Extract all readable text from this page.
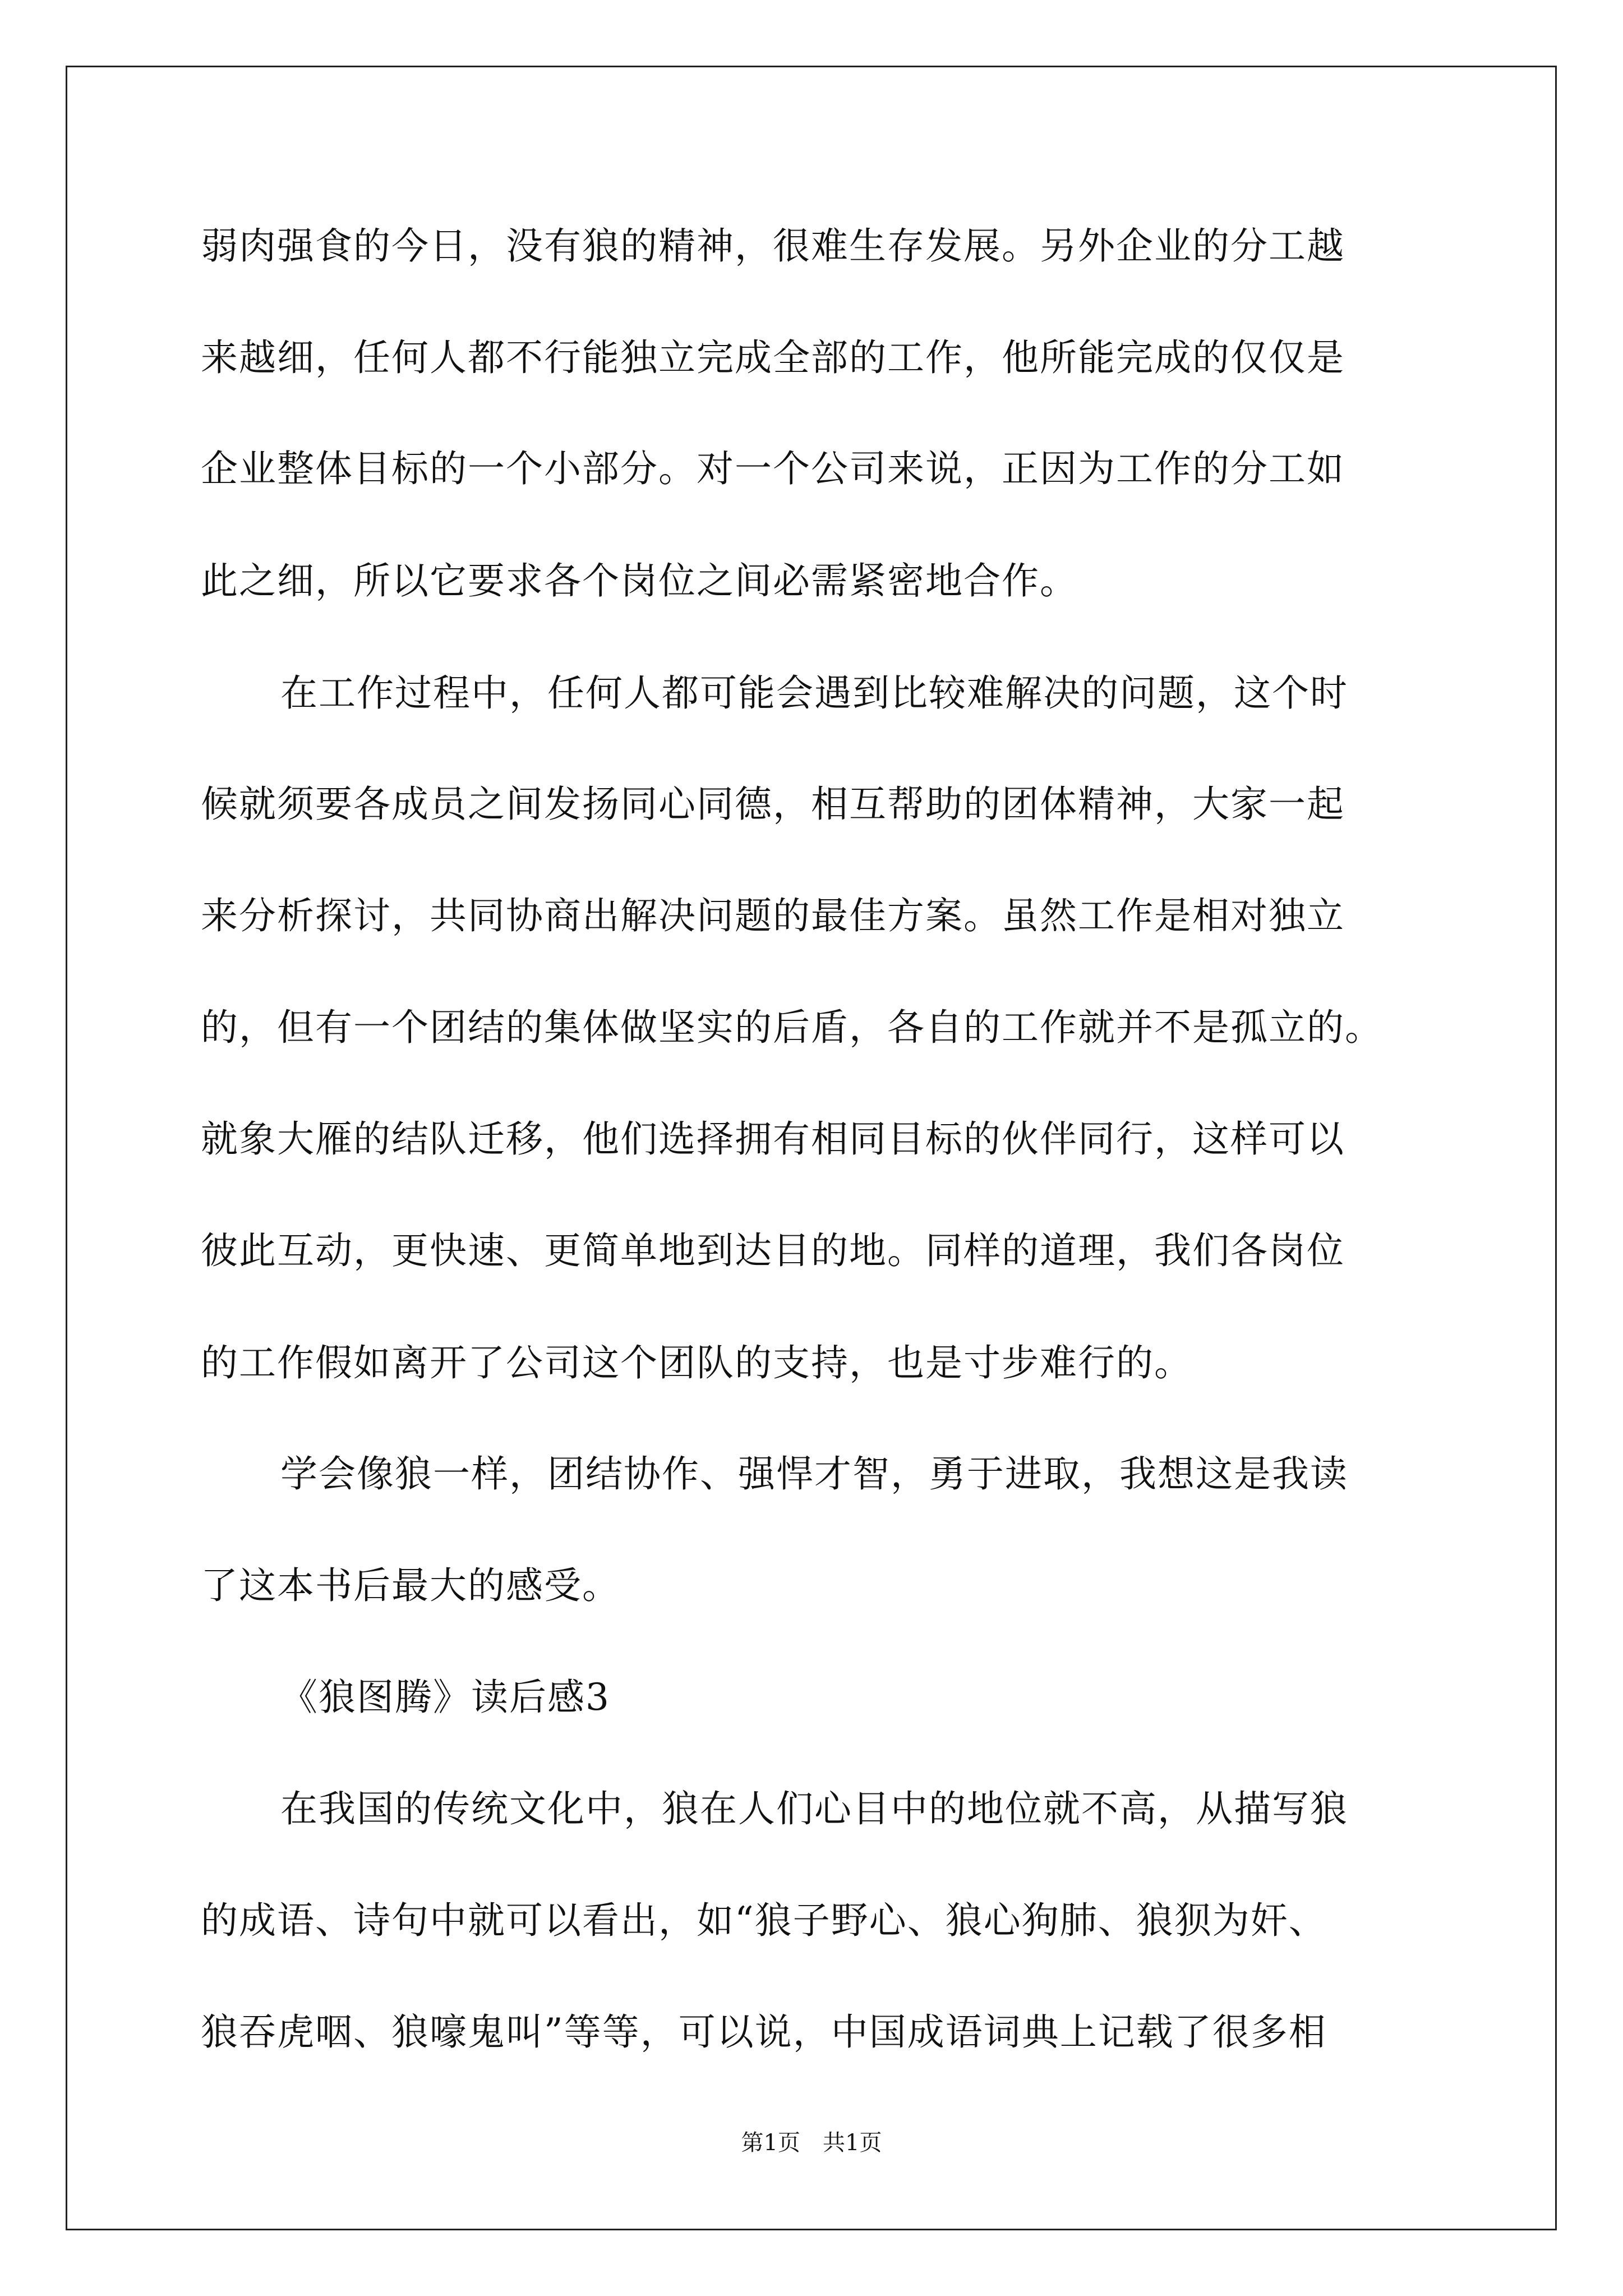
弱肉强食的今日，没有狼的精神，很难生存发展。另外企业的分工越
来越细，任何人都不行能独立完成全部的工作，他所能完成的仅仅是
企业整体目标的一个小部分。对一个公司来说，正因为工作的分工如
此之细，所以它要求各个岗位之间必需紧密地合作。
在工作过程中，任何人都可能会遇到比较难解决的问题，这个时
候就须要各成员之间发扬同心同德，相互帮助的团体精神，大家一起
来分析探讨，共同协商出解决问题的最佳方案。虽然工作是相对独立
的，但有一个团结的集体做坚实的后盾，各自的工作就并不是孤立的。
就象大雁的结队迁移，他们选择拥有相同目标的伙伴同行，这样可以
彼此互动，更快速、更简单地到达目的地。同样的道理，我们各岗位
的工作假如离开了公司这个团队的支持，也是寸步难行的。
学会像狼一样，团结协作、强悍才智，勇于进取，我想这是我读
了这本书后最大的感受。
《狼图腾》读后感3
在我国的传统文化中，狼在人们心目中的地位就不高，从描写狼
的成语、诗句中就可以看出，如“狼子野心、狼心狗肺、狼狈为奸、
狼吞虎咽、狼嚎鬼叫”等等，可以说，中国成语词典上记载了很多相
第1页　共1页
